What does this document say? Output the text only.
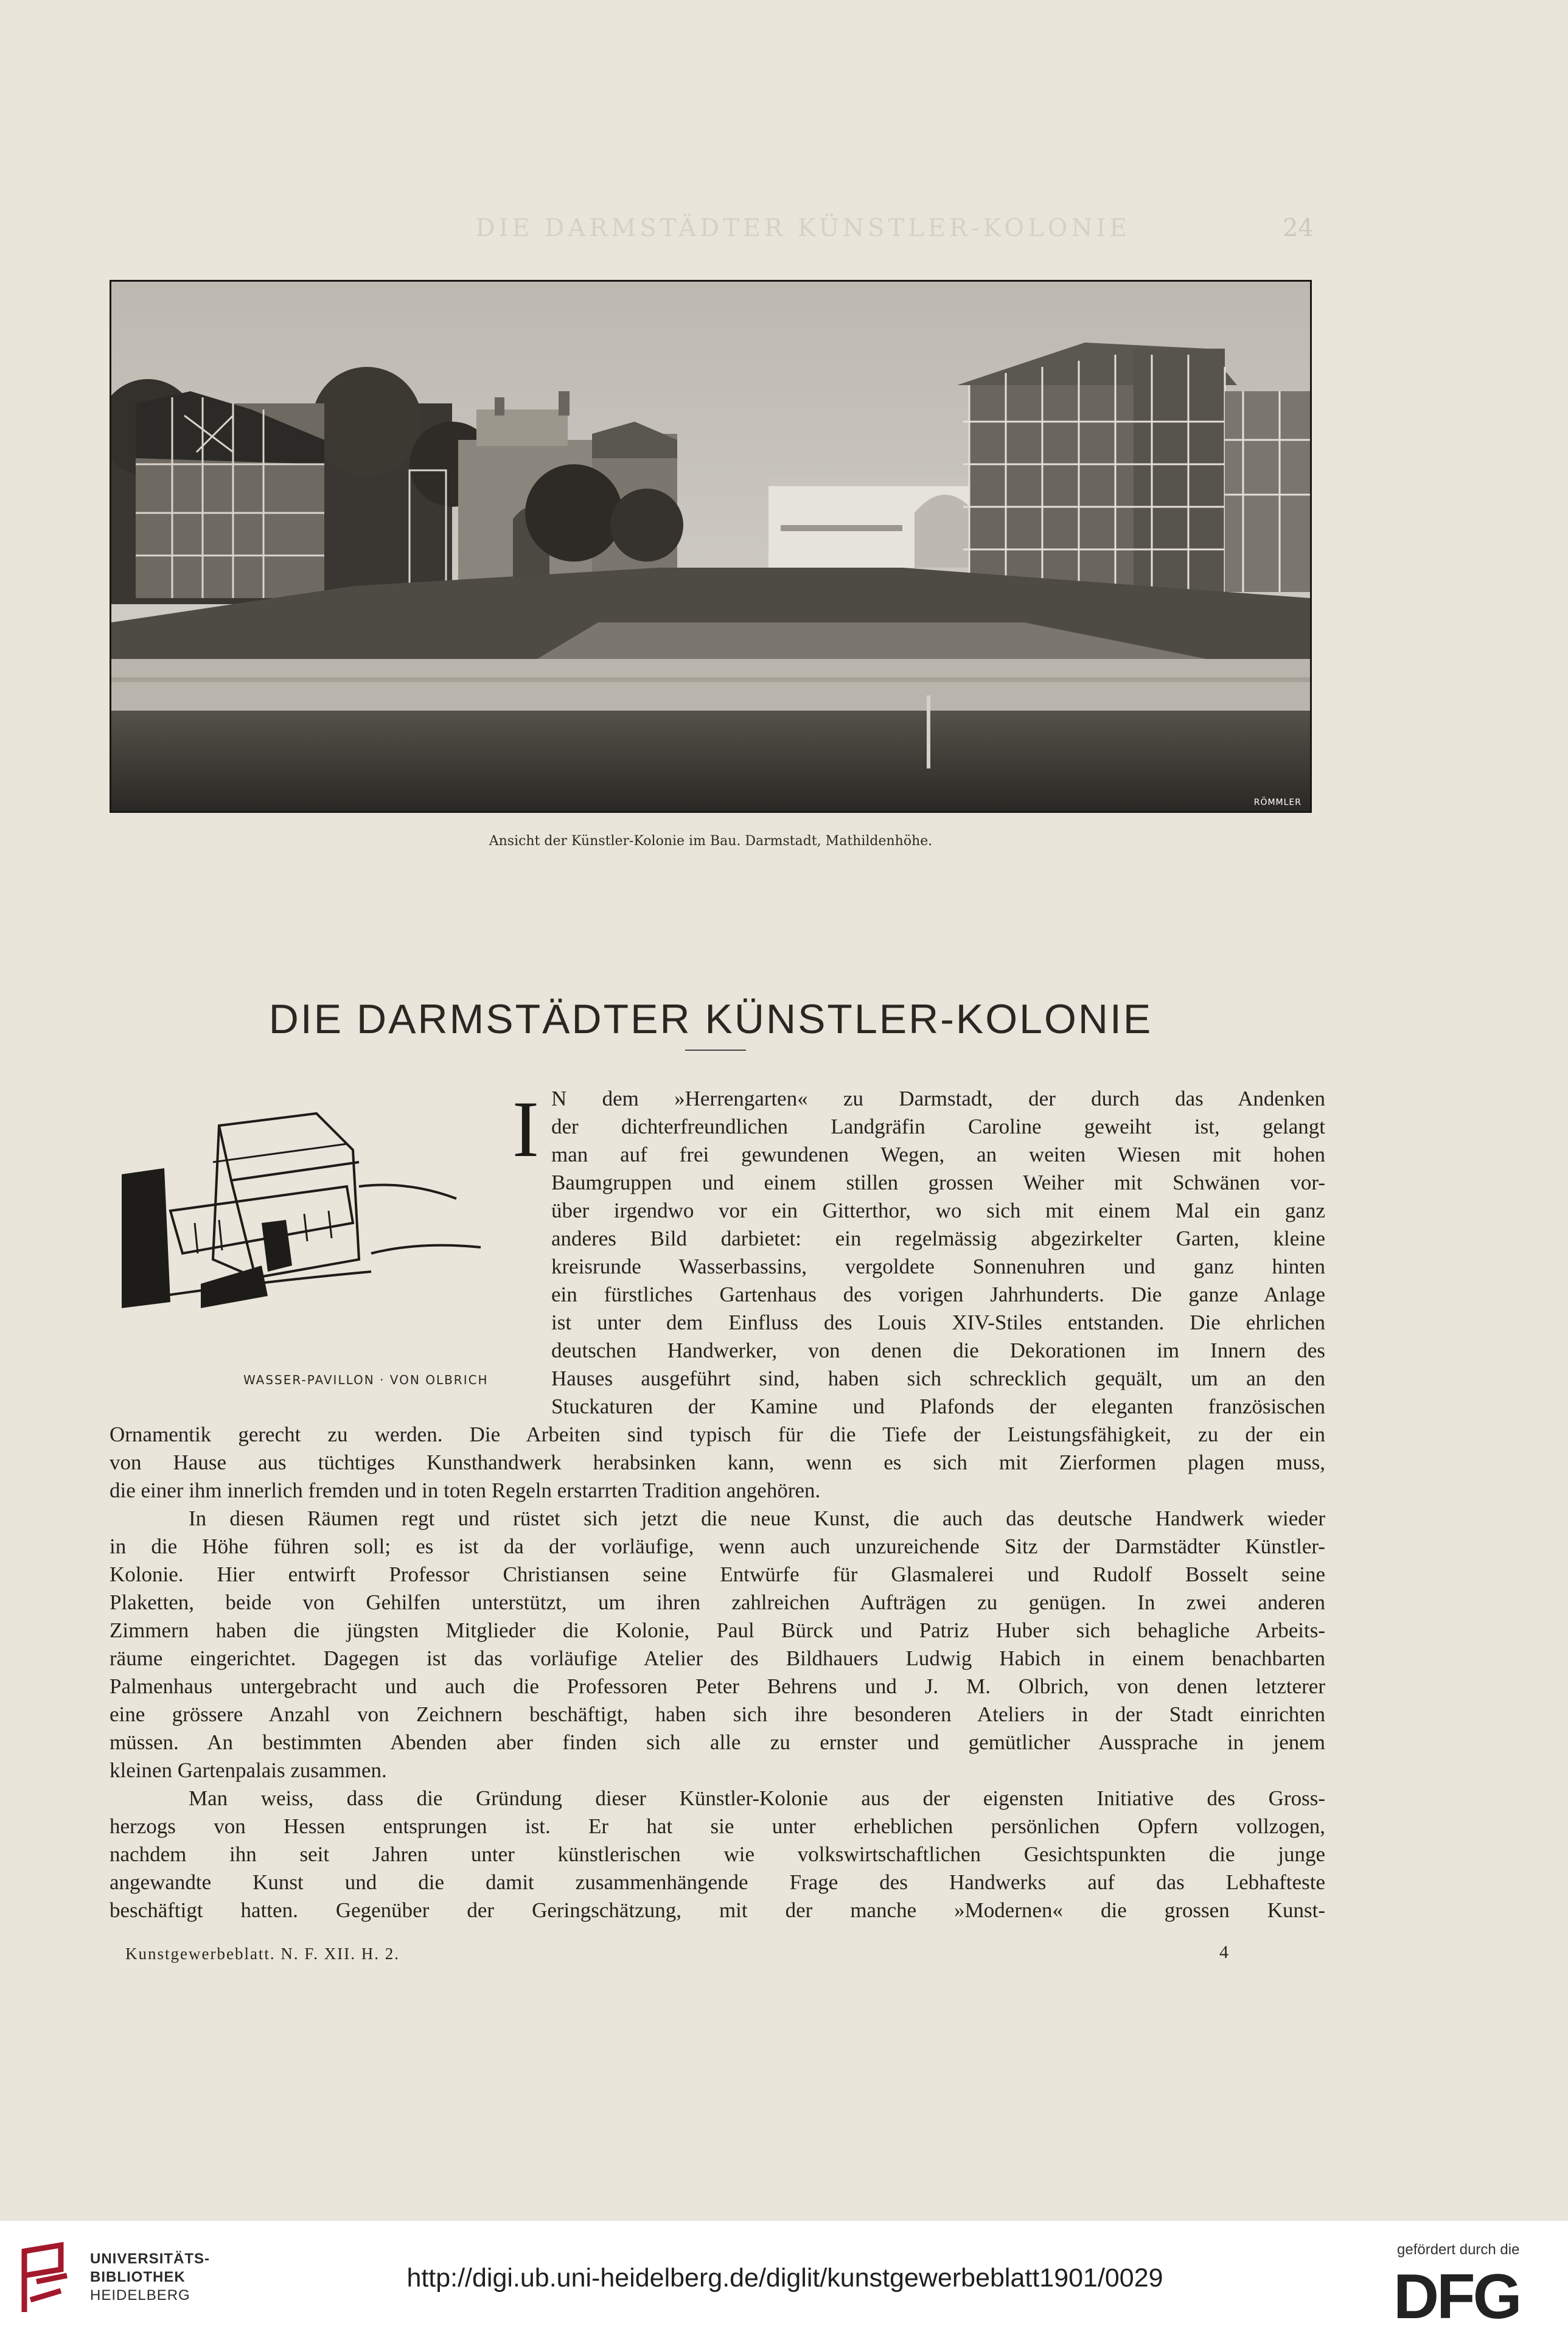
DIE DARMSTÄDTER KÜNSTLER-KOLONIE	24
RÖMMLER
Ansicht der Künstler-Kolonie im Bau. Darmstadt, Mathildenhöhe.
DIE DARMSTÄDTER KÜNSTLER-KOLONIE
WASSER-PAVILLON · VON OLBRICH
I N dem »Herrengarten« zu Darmstadt, der durch das Andenken
der dichterfreundlichen Landgräfin Caroline geweiht ist, gelangt
man auf frei gewundenen Wegen, an weiten Wiesen mit hohen
Baumgruppen und einem stillen grossen Weiher mit Schwänen vor-
über irgendwo vor ein Gitterthor, wo sich mit einem Mal ein ganz
anderes Bild darbietet: ein regelmässig abgezirkelter Garten, kleine
kreisrunde Wasserbassins, vergoldete Sonnenuhren und ganz hinten
ein fürstliches Gartenhaus des vorigen Jahrhunderts. Die ganze Anlage
ist unter dem Einfluss des Louis XIV-Stiles entstanden. Die ehrlichen
deutschen Handwerker, von denen die Dekorationen im Innern des
Hauses ausgeführt sind, haben sich schrecklich gequält, um an den
Stuckaturen der Kamine und Plafonds der eleganten französischen
Ornamentik gerecht zu werden. Die Arbeiten sind typisch für die Tiefe der Leistungsfähigkeit, zu der ein
von Hause aus tüchtiges Kunsthandwerk herabsinken kann, wenn es sich mit Zierformen plagen muss,
die einer ihm innerlich fremden und in toten Regeln erstarrten Tradition angehören.
In diesen Räumen regt und rüstet sich jetzt die neue Kunst, die auch das deutsche Handwerk wieder
in die Höhe führen soll; es ist da der vorläufige, wenn auch unzureichende Sitz der Darmstädter Künstler-
Kolonie. Hier entwirft Professor Christiansen seine Entwürfe für Glasmalerei und Rudolf Bosselt seine
Plaketten, beide von Gehilfen unterstützt, um ihren zahlreichen Aufträgen zu genügen. In zwei anderen
Zimmern haben die jüngsten Mitglieder die Kolonie, Paul Bürck und Patriz Huber sich behagliche Arbeits-
räume eingerichtet. Dagegen ist das vorläufige Atelier des Bildhauers Ludwig Habich in einem benachbarten
Palmenhaus untergebracht und auch die Professoren Peter Behrens und J. M. Olbrich, von denen letzterer
eine grössere Anzahl von Zeichnern beschäftigt, haben sich ihre besonderen Ateliers in der Stadt einrichten
müssen. An bestimmten Abenden aber finden sich alle zu ernster und gemütlicher Aussprache in jenem
kleinen Gartenpalais zusammen.
Man weiss, dass die Gründung dieser Künstler-Kolonie aus der eigensten Initiative des Gross-
herzogs von Hessen entsprungen ist. Er hat sie unter erheblichen persönlichen Opfern vollzogen,
nachdem ihn seit Jahren unter künstlerischen wie volkswirtschaftlichen Gesichtspunkten die junge
angewandte Kunst und die damit zusammenhängende Frage des Handwerks auf das Lebhafteste
beschäftigt hatten. Gegenüber der Geringschätzung, mit der manche »Modernen« die grossen Kunst-
Kunstgewerbeblatt. N. F. XII. H. 2.	4
UNIVERSITÄTS-
BIBLIOTHEK
HEIDELBERG
http://digi.ub.uni-heidelberg.de/diglit/kunstgewerbeblatt1901/0029
gefördert durch die
DFG
